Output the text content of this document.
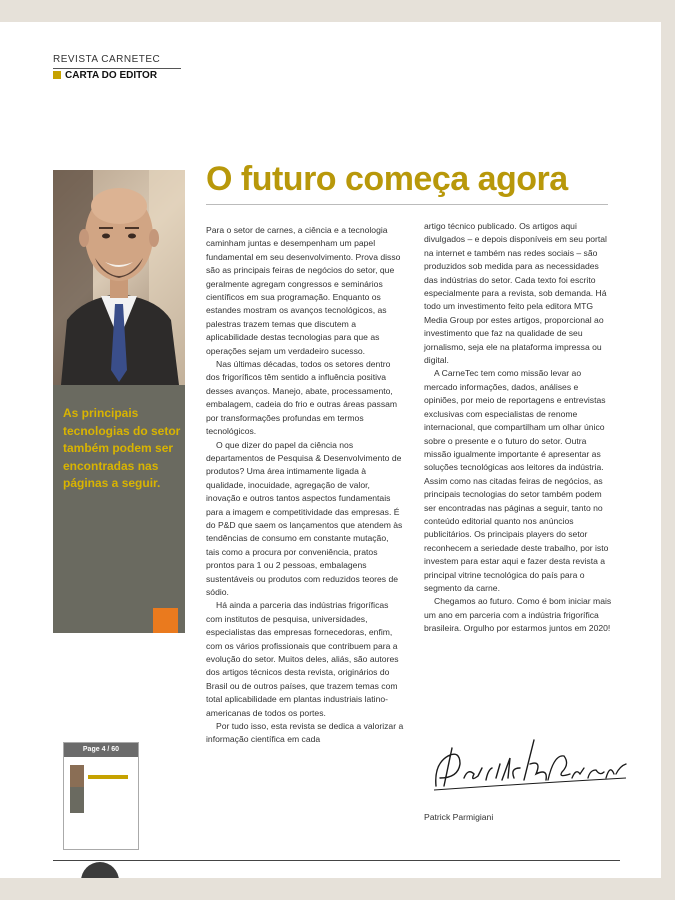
REVISTA CARNETEC
CARTA DO EDITOR
As principais tecnologias do setor também podem ser encontradas nas páginas a seguir.
O futuro começa agora

Para o setor de carnes, a ciência e a tecnologia caminham juntas e desempenham um papel fundamental em seu desenvolvimento. Prova disso são as principais feiras de negócios do setor, que geralmente agregam congressos e seminários científicos em sua programação. Enquanto os estandes mostram os avanços tecnológicos, as palestras trazem temas que discutem a aplicabilidade destas tecnologias para que as operações sejam um verdadeiro sucesso.

Nas últimas décadas, todos os setores dentro dos frigoríficos têm sentido a influência positiva desses avanços. Manejo, abate, processamento, embalagem, cadeia do frio e outras áreas passam por transformações profundas em termos tecnológicos.

O que dizer do papel da ciência nos departamentos de Pesquisa & Desenvolvimento de produtos? Uma área intimamente ligada à qualidade, inocuidade, agregação de valor, inovação e outros tantos aspectos fundamentais para a imagem e competitividade das empresas. É do P&D que saem os lançamentos que atendem às tendências de consumo em constante mutação, tais como a procura por conveniência, pratos prontos para 1 ou 2 pessoas, embalagens sustentáveis ou produtos com reduzidos teores de sódio.

Há ainda a parceria das indústrias frigoríficas com institutos de pesquisa, universidades, especialistas das empresas fornecedoras, enfim, com os vários profissionais que contribuem para a evolução do setor. Muitos deles, aliás, são autores dos artigos técnicos desta revista, originários do Brasil ou de outros países, que trazem temas com total aplicabilidade em plantas industriais latino-americanas de todos os portes.

Por tudo isso, esta revista se dedica a valorizar a informação científica em cada

artigo técnico publicado. Os artigos aqui divulgados – e depois disponíveis em seu portal na internet e também nas redes sociais – são produzidos sob medida para as necessidades das indústrias do setor. Cada texto foi escrito especialmente para a revista, sob demanda. Há todo um investimento feito pela editora MTG Media Group por estes artigos, proporcional ao investimento que faz na qualidade de seu jornalismo, seja ele na plataforma impressa ou digital.

A CarneTec tem como missão levar ao mercado informações, dados, análises e opiniões, por meio de reportagens e entrevistas exclusivas com especialistas de renome internacional, que compartilham um olhar único sobre o presente e o futuro do setor. Outra missão igualmente importante é apresentar as soluções tecnológicas aos leitores da indústria. Assim como nas citadas feiras de negócios, as principais tecnologias do setor também podem ser encontradas nas páginas a seguir, tanto no conteúdo editorial quanto nos anúncios publicitários. Os principais players do setor reconhecem a seriedade deste trabalho, por isto investem para estar aqui e fazer desta revista a principal vitrine tecnológica do país para o segmento da carne.

Chegamos ao futuro. Como é bom iniciar mais um ano em parceria com a indústria frigorífica brasileira. Orgulho por estarmos juntos em 2020!

Patrick Parmigiani
Page 4 / 60
